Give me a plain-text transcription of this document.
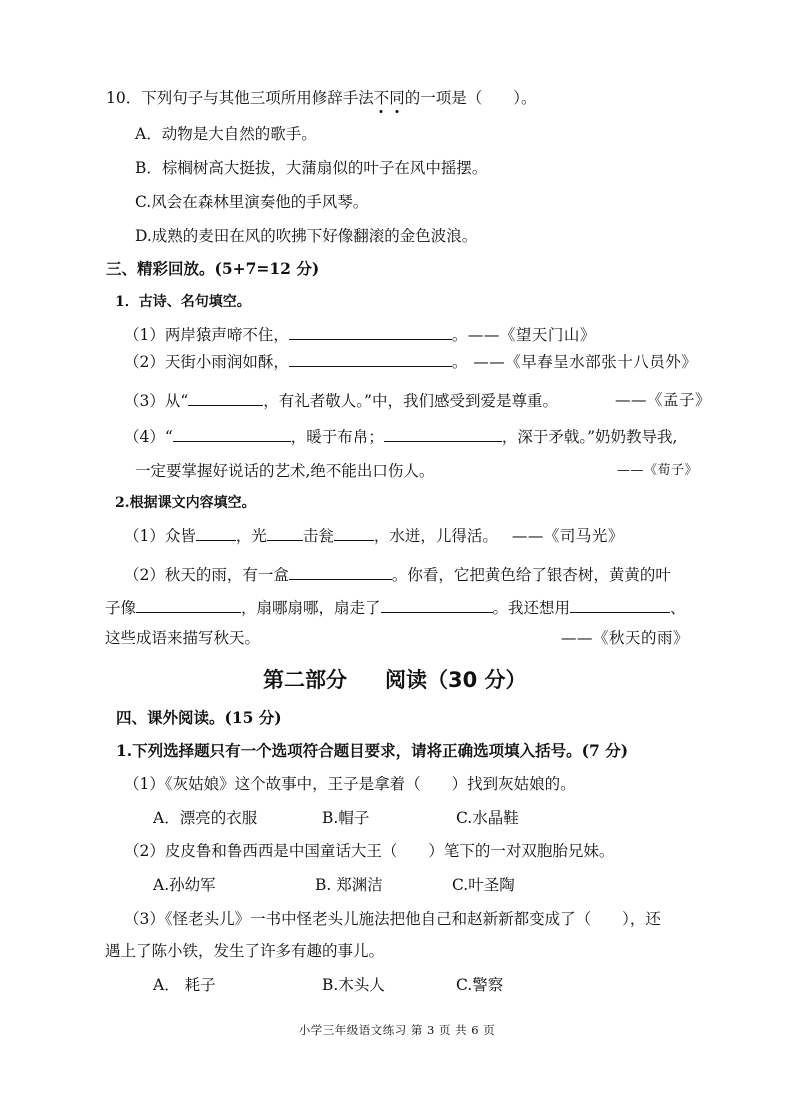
10．下列句子与其他三项所用修辞手法不同的一项是（　　）。
A．动物是大自然的歌手。
B．棕榈树高大挺拔，大蒲扇似的叶子在风中摇摆。
C.风会在森林里演奏他的手风琴。
D.成熟的麦田在风的吹拂下好像翻滚的金色波浪。
三、精彩回放。(5+7=12 分)
1．古诗、名句填空。
（1）两岸猿声啼不住，	。——《望天门山》
（2）天街小雨润如酥，	。 ——《早春呈水部张十八员外》
（3）从“	，有礼者敬人。”中，我们感受到爱是尊重。	——《孟子》
（4）“	，暖于布帛；	，深于矛戟。”奶奶教导我,
一定要掌握好说话的艺术,绝不能出口伤人。	——《荀子》
2.根据课文内容填空。
（1）众皆	，光 击瓮	，水迸，儿得活。 ——《司马光》
（2）秋天的雨，有一盒	。你看，它把黄色给了银杏树，黄黄的叶
子像	，扇哪扇哪，扇走了	。我还想用	、
这些成语来描写秋天。	——《秋天的雨》
第二部分 阅读（30 分）
四、课外阅读。(15 分)
1.下列选择题只有一个选项符合题目要求，请将正确选项填入括号。(7 分)
（1）《灰姑娘》这个故事中，王子是拿着（　　）找到灰姑娘的。
A．漂亮的衣服	B.帽子	C.水晶鞋
（2）皮皮鲁和鲁西西是中国童话大王（　　）笔下的一对双胞胎兄妹。
A.孙幼军	B. 郑渊洁	C.叶圣陶
（3）《怪老头儿》一书中怪老头儿施法把他自己和赵新新都变成了（　　），还
遇上了陈小铁，发生了许多有趣的事儿。
A． 耗子	B.木头人	C.警察
小学三年级语文练习 第 3 页 共 6 页
